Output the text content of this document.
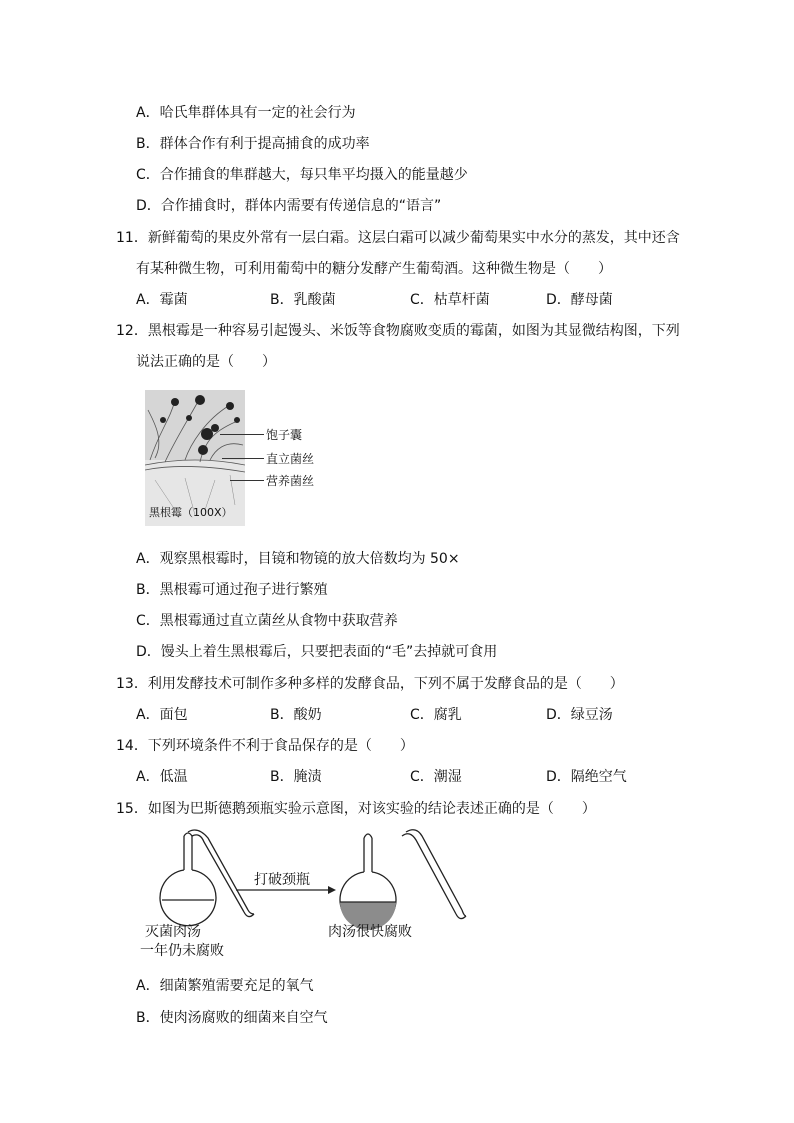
A．哈氏隼群体具有一定的社会行为
B．群体合作有利于提高捕食的成功率
C．合作捕食的隼群越大，每只隼平均摄入的能量越少
D．合作捕食时，群体内需要有传递信息的“语言”
11．新鲜葡萄的果皮外常有一层白霜。这层白霜可以减少葡萄果实中水分的蒸发，其中还含
有某种微生物，可利用葡萄中的糖分发酵产生葡萄酒。这种微生物是（　　）
A．霉菌	B．乳酸菌	C．枯草杆菌	D．酵母菌
12．黑根霉是一种容易引起馒头、米饭等食物腐败变质的霉菌，如图为其显微结构图，下列
说法正确的是（　　）
黑根霉（100X）
饱子囊
直立菌丝
营养菌丝
A．观察黑根霉时，目镜和物镜的放大倍数均为 50×
B．黑根霉可通过孢子进行繁殖
C．黑根霉通过直立菌丝从食物中获取营养
D．馒头上着生黑根霉后，只要把表面的“毛”去掉就可食用
13．利用发酵技术可制作多种多样的发酵食品，下列不属于发酵食品的是（　　）
A．面包	B．酸奶	C．腐乳	D．绿豆汤
14．下列环境条件不利于食品保存的是（　　）
A．低温	B．腌渍	C．潮湿	D．隔绝空气
15．如图为巴斯德鹅颈瓶实验示意图，对该实验的结论表述正确的是（　　）
打破颈瓶
灭菌肉汤
一年仍未腐败
肉汤很快腐败
A．细菌繁殖需要充足的氧气
B．使肉汤腐败的细菌来自空气
